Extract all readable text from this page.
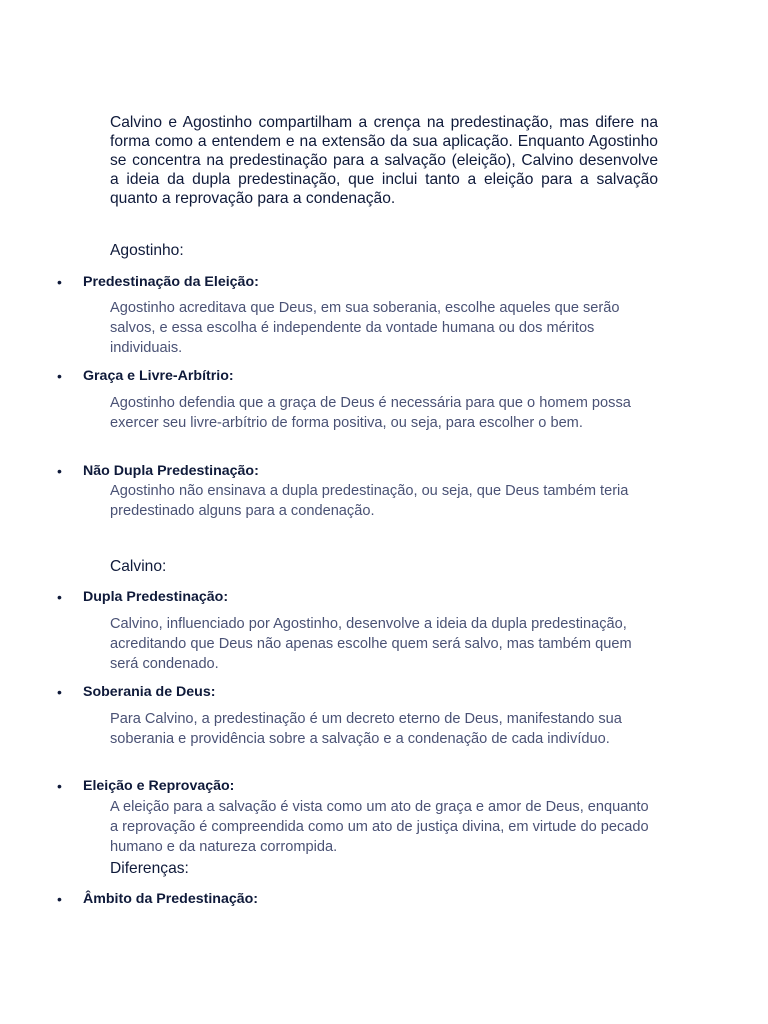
Calvino e Agostinho compartilham a crença na predestinação, mas difere na forma como a entendem e na extensão da sua aplicação. Enquanto Agostinho se concentra na predestinação para a salvação (eleição), Calvino desenvolve a ideia da dupla predestinação, que inclui tanto a eleição para a salvação quanto a reprovação para a condenação.

Agostinho:

• Predestinação da Eleição:

Agostinho acreditava que Deus, em sua soberania, escolhe aqueles que serão salvos, e essa escolha é independente da vontade humana ou dos méritos individuais.

• Graça e Livre-Arbítrio:

Agostinho defendia que a graça de Deus é necessária para que o homem possa exercer seu livre-arbítrio de forma positiva, ou seja, para escolher o bem.

• Não Dupla Predestinação:

Agostinho não ensinava a dupla predestinação, ou seja, que Deus também teria predestinado alguns para a condenação.

Calvino:

• Dupla Predestinação:

Calvino, influenciado por Agostinho, desenvolve a ideia da dupla predestinação, acreditando que Deus não apenas escolhe quem será salvo, mas também quem será condenado.

• Soberania de Deus:

Para Calvino, a predestinação é um decreto eterno de Deus, manifestando sua soberania e providência sobre a salvação e a condenação de cada indivíduo.

• Eleição e Reprovação:

A eleição para a salvação é vista como um ato de graça e amor de Deus, enquanto a reprovação é compreendida como um ato de justiça divina, em virtude do pecado humano e da natureza corrompida.

Diferenças:

• Âmbito da Predestinação:
